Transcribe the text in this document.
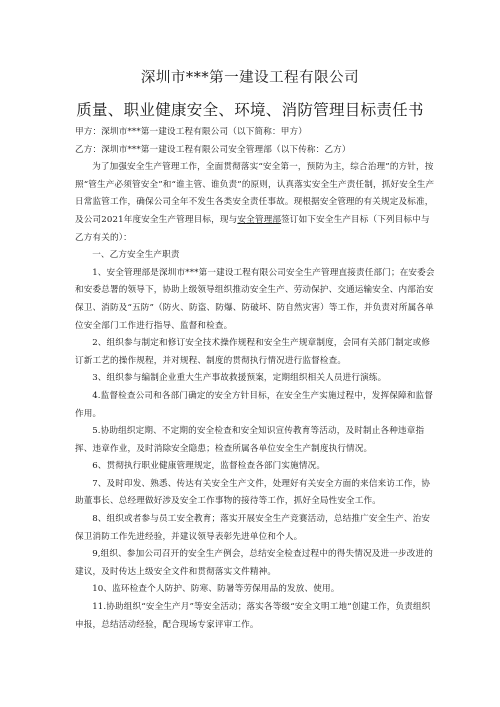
深圳市***第一建设工程有限公司
质量、职业健康安全、环境、消防管理目标责任书

甲方：深圳市***第一建设工程有限公司（以下简称：甲方）

乙方：深圳市***第一建设工程有限公司安全管理部（以下传称：乙方）

为了加强安全生产管理工作，全面贯彻落实“安全第一，预防为主，综合治理”的方针，按照“管生产必须管安全”和“谁主管、谁负责”的原则，认真落实安全生产责任制，抓好安全生产日常监管工作，确保公司全年不发生各类安全责任事故。现根据安全管理的有关规定及标准，及公司2021年度安全生产管理目标，现与安全管理部签订如下安全生产目标（下列目标中与乙方有关的）：

一、乙方安全生产职责

1、安全管理部是深圳市***第一建设工程有限公司安全生产管理直接责任部门；在安委会和安委总署的领导下，协助上级领导组织推动安全生产、劳动保护、交通运输安全、内部治安保卫、消防及“五防”（防火、防盗、防爆、防破坏、防自然灾害）等工作，并负责对所属各单位安全部门工作进行指导、监督和检查。

2、组织参与制定和修订安全技术操作规程和安全生产规章制度，会同有关部门制定或修订新工艺的操作规程，并对规程、制度的贯彻执行情况进行监督检查。

3、组织参与编制企业重大生产事故救援预案，定期组织相关人员进行演练。

4.监督检查公司和各部门确定的安全方针目标，在安全生产实施过程中，发挥保障和监督作用。

5.协助组织定期、不定期的安全检查和安全知识宣传教育等活动，及时制止各种违章指挥、违章作业，及时消除安全隐患；检查所属各单位安全生产制度执行情况。

6、贯彻执行职业健康管理规定，监督检查各部门实施情况。

7、及时印发、熟悉、传达有关安全生产文件，处理好有关安全方面的来信来访工作，协助董事长、总经理做好涉及安全工作事物的接待等工作，抓好全局性安全工作。

8、组织或者参与员工安全教育；落实开展安全生产竞赛活动，总结推广安全生产、治安保卫消防工作先进经验，并建议领导表彰先进单位和个人。

9,组织、参加公司召开的安全生产例会，总结安全检查过程中的得失情况及进一步改进的建议，及时传达上级安全文件和贯彻落实文件精神。

10、监环检查个人防护、防寒、防暑等劳保用品的发放、使用。

11.协助组织“安全生产月”等安全活动；落实各等级“安全文明工地”创建工作，负责组织申报，总结活动经验，配合现场专家评审工作。
